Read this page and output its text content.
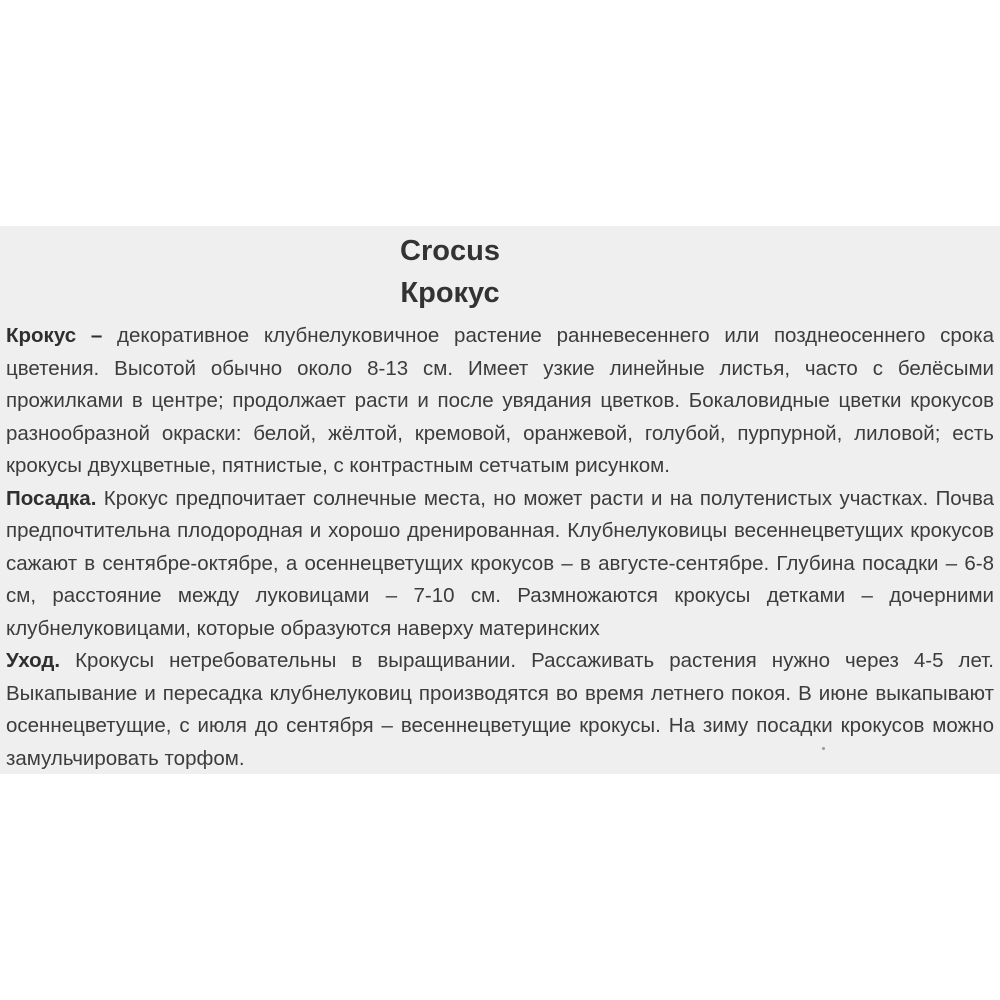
Crocus
Крокус

Крокус – декоративное клубнелуковичное растение ранневесеннего или позднеосеннего срока цветения. Высотой обычно около 8-13 см. Имеет узкие линейные листья, часто с белёсыми прожилками в центре; продолжает расти и после увядания цветков. Бокаловидные цветки крокусов разнообразной окраски: белой, жёлтой, кремовой, оранжевой, голубой, пурпурной, лиловой; есть крокусы двухцветные, пятнистые, с контрастным сетчатым рисунком.

Посадка. Крокус предпочитает солнечные места, но может расти и на полутенистых участках. Почва предпочтительна плодородная и хорошо дренированная. Клубнелуковицы весеннецветущих крокусов сажают в сентябре-октябре, а осеннецветущих крокусов – в августе-сентябре. Глубина посадки – 6-8 см, расстояние между луковицами – 7-10 см. Размножаются крокусы детками – дочерними клубнелуковицами, которые образуются наверху материнских

Уход. Крокусы нетребовательны в выращивании. Рассаживать растения нужно через 4-5 лет. Выкапывание и пересадка клубнелуковиц производятся во время летнего покоя. В июне выкапывают осеннецветущие, с июля до сентября – весеннецветущие крокусы. На зиму посадки крокусов можно замульчировать торфом.
